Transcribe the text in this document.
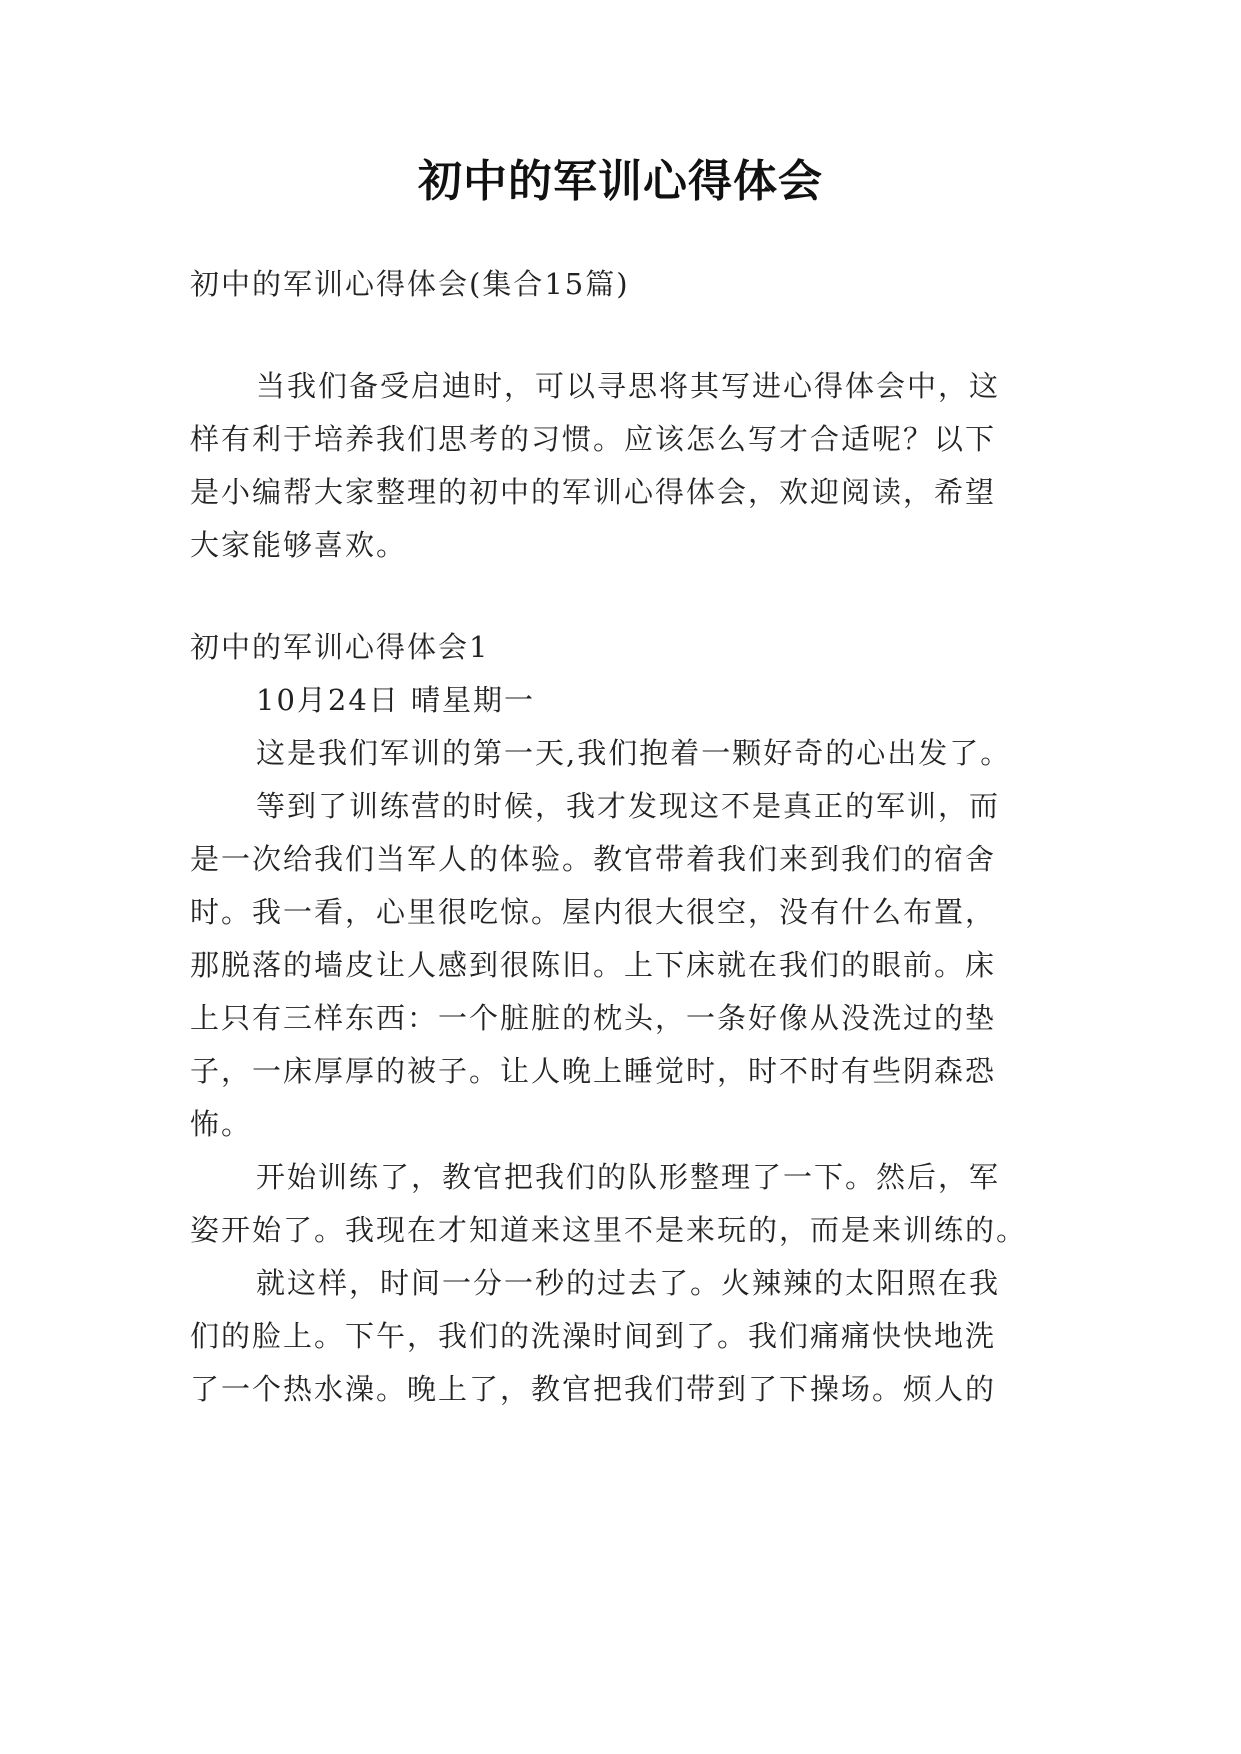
初中的军训心得体会
初中的军训心得体会(集合15篇)
当我们备受启迪时，可以寻思将其写进心得体会中，这
样有利于培养我们思考的习惯。应该怎么写才合适呢？以下
是小编帮大家整理的初中的军训心得体会，欢迎阅读，希望
大家能够喜欢。
初中的军训心得体会1
10月24日 晴星期一
这是我们军训的第一天,我们抱着一颗好奇的心出发了。
等到了训练营的时候，我才发现这不是真正的军训，而
是一次给我们当军人的体验。教官带着我们来到我们的宿舍
时。我一看，心里很吃惊。屋内很大很空，没有什么布置，
那脱落的墙皮让人感到很陈旧。上下床就在我们的眼前。床
上只有三样东西：一个脏脏的枕头，一条好像从没洗过的垫
子，一床厚厚的被子。让人晚上睡觉时，时不时有些阴森恐
怖。
开始训练了，教官把我们的队形整理了一下。然后，军
姿开始了。我现在才知道来这里不是来玩的，而是来训练的。
就这样，时间一分一秒的过去了。火辣辣的太阳照在我
们的脸上。下午，我们的洗澡时间到了。我们痛痛快快地洗
了一个热水澡。晚上了，教官把我们带到了下操场。烦人的
